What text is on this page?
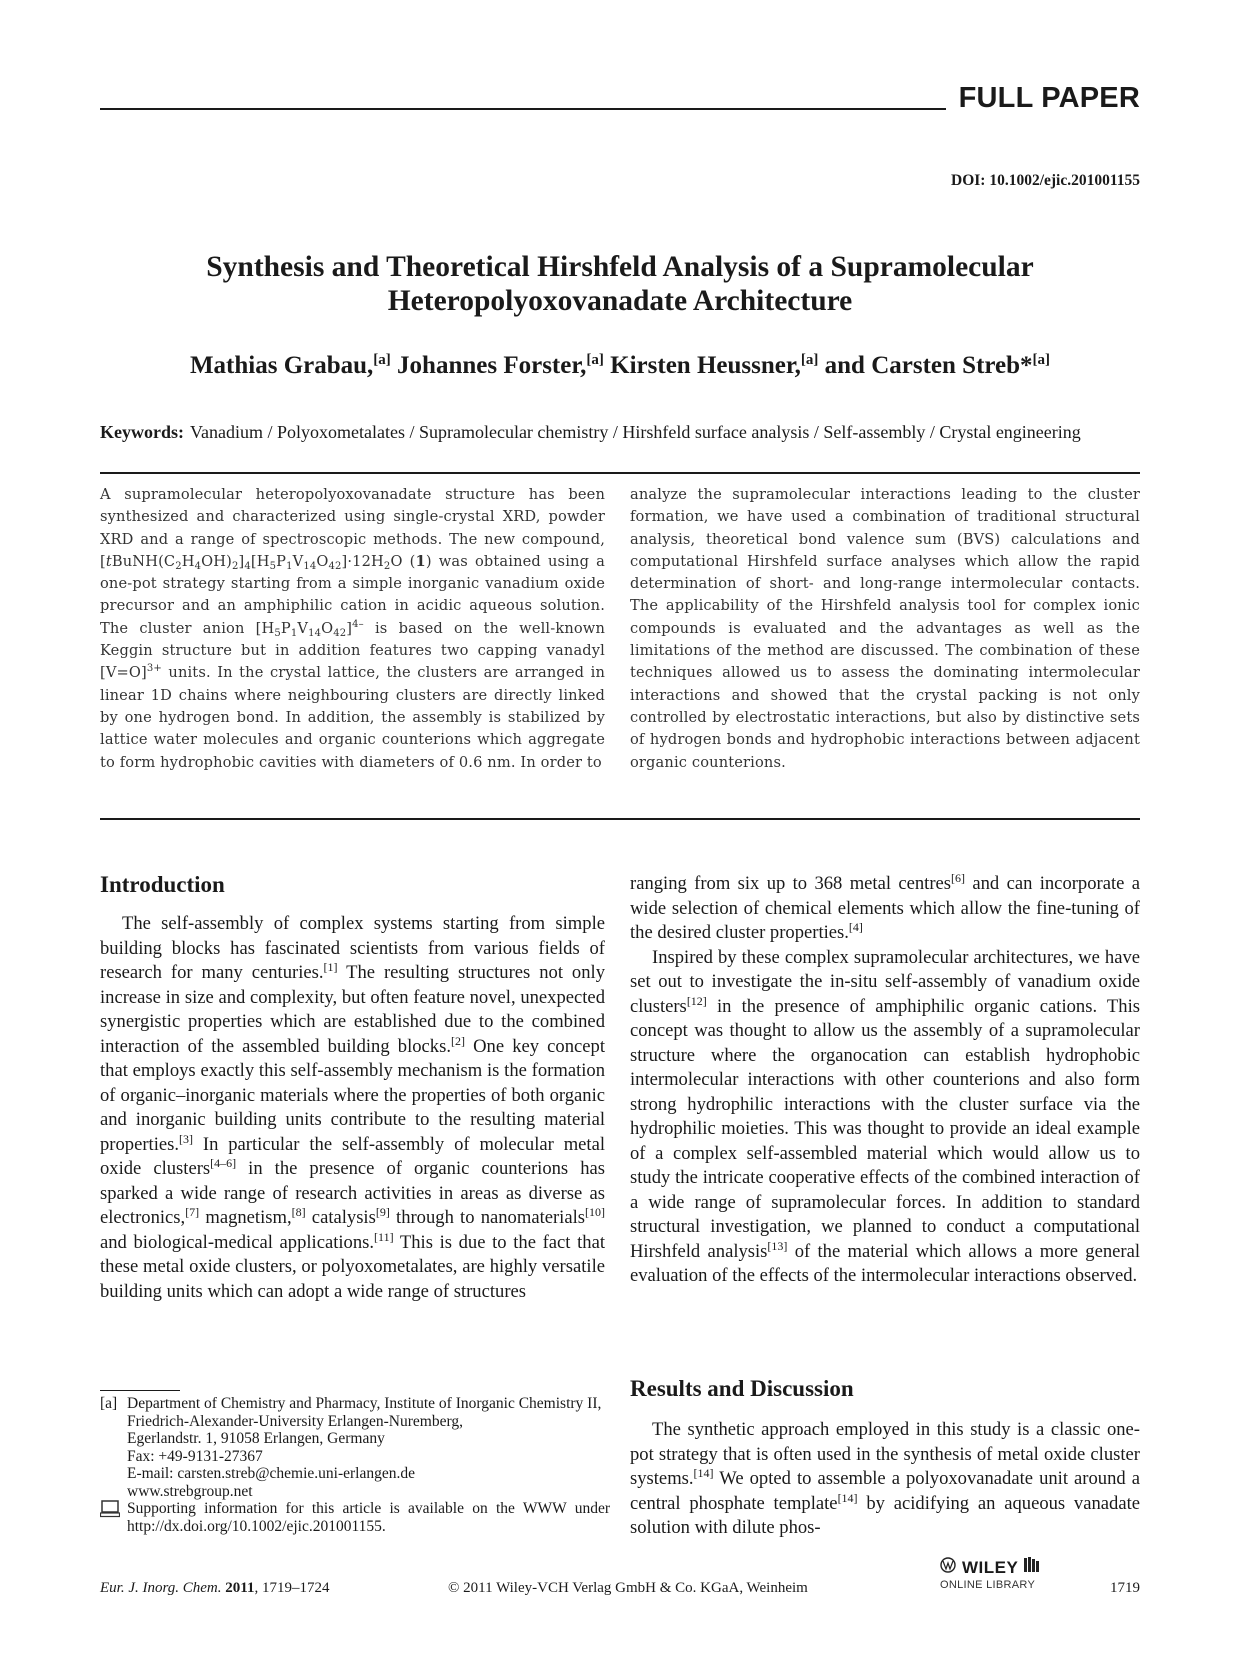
FULL PAPER
DOI: 10.1002/ejic.201001155
Synthesis and Theoretical Hirshfeld Analysis of a Supramolecular
Heteropolyoxovanadate Architecture
Mathias Grabau,[a] Johannes Forster,[a] Kirsten Heussner,[a] and Carsten Streb*[a]
Keywords: Vanadium / Polyoxometalates / Supramolecular chemistry / Hirshfeld surface analysis / Self-assembly / Crystal engineering
A supramolecular heteropolyoxovanadate structure has been synthesized and characterized using single-crystal XRD, powder XRD and a range of spectroscopic methods. The new compound, $[tBuNH(C_2H_4OH)_2]_4[H_5P_1V_{14}O_{42}]\cdot 12H_2O$ (1) was obtained using a one-pot strategy starting from a simple inorganic vanadium oxide precursor and an amphiphilic cation in acidic aqueous solution. The cluster anion $[H_5P_1V_{14}O_{42}]^{4-}$ is based on the well-known Keggin structure but in addition features two capping vanadyl [V=O]$^{3+}$ units. In the crystal lattice, the clusters are arranged in linear 1D chains where neighbouring clusters are directly linked by one hydrogen bond. In addition, the assembly is stabilized by lattice water molecules and organic counterions which aggregate to form hydrophobic cavities with diameters of 0.6 nm. In order to
analyze the supramolecular interactions leading to the cluster formation, we have used a combination of traditional structural analysis, theoretical bond valence sum (BVS) calculations and computational Hirshfeld surface analyses which allow the rapid determination of short- and long-range intermolecular contacts. The applicability of the Hirshfeld analysis tool for complex ionic compounds is evaluated and the advantages as well as the limitations of the method are discussed. The combination of these techniques allowed us to assess the dominating intermolecular interactions and showed that the crystal packing is not only controlled by electrostatic interactions, but also by distinctive sets of hydrogen bonds and hydrophobic interactions between adjacent organic counterions.
Introduction

The self-assembly of complex systems starting from simple building blocks has fascinated scientists from various fields of research for many centuries.[1] The resulting structures not only increase in size and complexity, but often feature novel, unexpected synergistic properties which are established due to the combined interaction of the assembled building blocks.[2] One key concept that employs exactly this self-assembly mechanism is the formation of organic–inorganic materials where the properties of both organic and inorganic building units contribute to the resulting material properties.[3] In particular the self-assembly of molecular metal oxide clusters[4–6] in the presence of organic counterions has sparked a wide range of research activities in areas as diverse as electronics,[7] magnetism,[8] catalysis[9] through to nanomaterials[10] and biological-medical applications.[11] This is due to the fact that these metal oxide clusters, or polyoxometalates, are highly versatile building units which can adopt a wide range of structures

ranging from six up to 368 metal centres[6] and can incorporate a wide selection of chemical elements which allow the fine-tuning of the desired cluster properties.[4]

Inspired by these complex supramolecular architectures, we have set out to investigate the in-situ self-assembly of vanadium oxide clusters[12] in the presence of amphiphilic organic cations. This concept was thought to allow us the assembly of a supramolecular structure where the organocation can establish hydrophobic intermolecular interactions with other counterions and also form strong hydrophilic interactions with the cluster surface via the hydrophilic moieties. This was thought to provide an ideal example of a complex self-assembled material which would allow us to study the intricate cooperative effects of the combined interaction of a wide range of supramolecular forces. In addition to standard structural investigation, we planned to conduct a computational Hirshfeld analysis[13] of the material which allows a more general evaluation of the effects of the intermolecular interactions observed.

Results and Discussion

The synthetic approach employed in this study is a classic one-pot strategy that is often used in the synthesis of metal oxide cluster systems.[14] We opted to assemble a polyoxovanadate unit around a central phosphate template[14] by acidifying an aqueous vanadate solution with dilute phos-

[a] Department of Chemistry and Pharmacy, Institute of Inorganic Chemistry II, Friedrich-Alexander-University Erlangen-Nuremberg,
Egerlandstr. 1, 91058 Erlangen, Germany
Fax: +49-9131-27367
E-mail: carsten.streb@chemie.uni-erlangen.de
www.strebgroup.net
Supporting information for this article is available on the WWW under http://dx.doi.org/10.1002/ejic.201001155.
Eur. J. Inorg. Chem. 2011, 1719–1724	© 2011 Wiley-VCH Verlag GmbH & Co. KGaA, Weinheim
WILEY
ONLINE LIBRARY	1719
